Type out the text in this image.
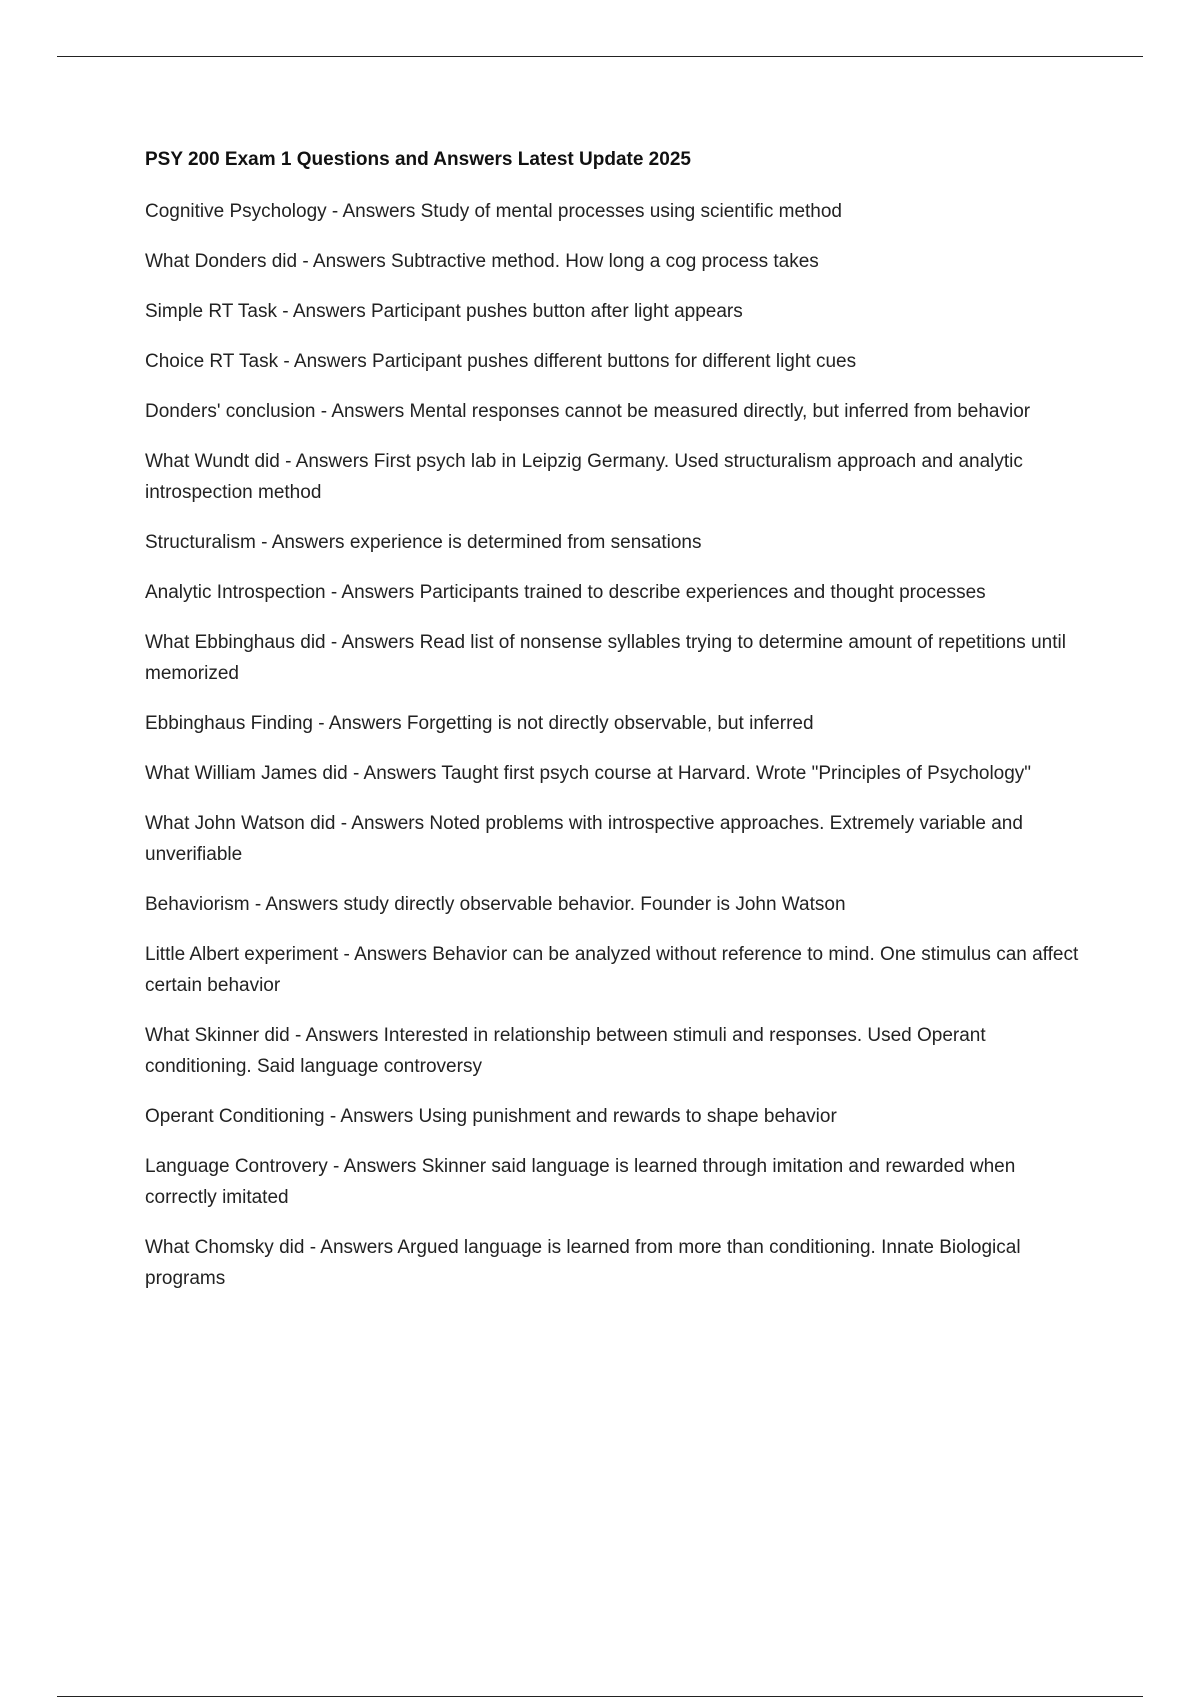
PSY 200 Exam 1 Questions and Answers Latest Update 2025
Cognitive Psychology - Answers Study of mental processes using scientific method
What Donders did - Answers Subtractive method. How long a cog process takes
Simple RT Task - Answers Participant pushes button after light appears
Choice RT Task - Answers Participant pushes different buttons for different light cues
Donders' conclusion - Answers Mental responses cannot be measured directly, but inferred from behavior
What Wundt did - Answers First psych lab in Leipzig Germany. Used structuralism approach and analytic introspection method
Structuralism - Answers experience is determined from sensations
Analytic Introspection - Answers Participants trained to describe experiences and thought processes
What Ebbinghaus did - Answers Read list of nonsense syllables trying to determine amount of repetitions until memorized
Ebbinghaus Finding - Answers Forgetting is not directly observable, but inferred
What William James did - Answers Taught first psych course at Harvard. Wrote "Principles of Psychology"
What John Watson did - Answers Noted problems with introspective approaches. Extremely variable and unverifiable
Behaviorism - Answers study directly observable behavior. Founder is John Watson
Little Albert experiment - Answers Behavior can be analyzed without reference to mind. One stimulus can affect certain behavior
What Skinner did - Answers Interested in relationship between stimuli and responses. Used Operant conditioning. Said language controversy
Operant Conditioning - Answers Using punishment and rewards to shape behavior
Language Controvery - Answers Skinner said language is learned through imitation and rewarded when correctly imitated
What Chomsky did - Answers Argued language is learned from more than conditioning. Innate Biological programs
